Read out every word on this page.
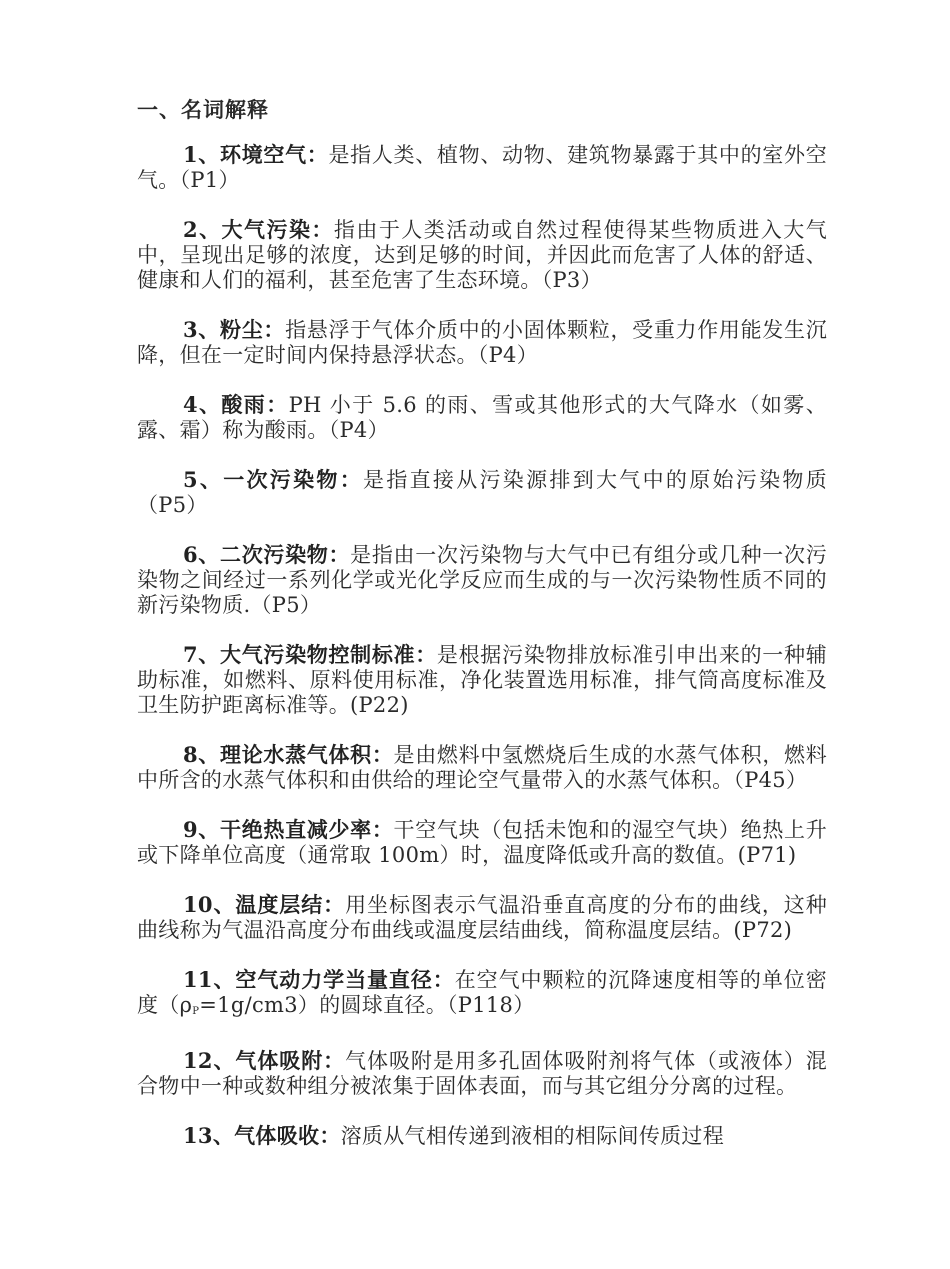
一、名词解释

1、环境空气：是指人类、植物、动物、建筑物暴露于其中的室外空气。（P1）

2、大气污染：指由于人类活动或自然过程使得某些物质进入大气中，呈现出足够的浓度，达到足够的时间，并因此而危害了人体的舒适、健康和人们的福利，甚至危害了生态环境。（P3）

3、粉尘：指悬浮于气体介质中的小固体颗粒，受重力作用能发生沉降，但在一定时间内保持悬浮状态。（P4）

4、酸雨：PH 小于 5.6 的雨、雪或其他形式的大气降水（如雾、露、霜）称为酸雨。（P4）

5、一次污染物：是指直接从污染源排到大气中的原始污染物质（P5）

6、二次污染物：是指由一次污染物与大气中已有组分或几种一次污染物之间经过一系列化学或光化学反应而生成的与一次污染物性质不同的新污染物质.（P5）

7、大气污染物控制标准：是根据污染物排放标准引申出来的一种辅助标准，如燃料、原料使用标准，净化装置选用标准，排气筒高度标准及卫生防护距离标准等。(P22)

8、理论水蒸气体积：是由燃料中氢燃烧后生成的水蒸气体积，燃料中所含的水蒸气体积和由供给的理论空气量带入的水蒸气体积。（P45）

9、干绝热直减少率：干空气块（包括未饱和的湿空气块）绝热上升或下降单位高度（通常取 100m）时，温度降低或升高的数值。(P71)

10、温度层结：用坐标图表示气温沿垂直高度的分布的曲线，这种曲线称为气温沿高度分布曲线或温度层结曲线，简称温度层结。(P72)

11、空气动力学当量直径：在空气中颗粒的沉降速度相等的单位密度$(\rho_P=1g/cm3)$的圆球直径。（P118）

12、气体吸附：气体吸附是用多孔固体吸附剂将气体（或液体）混合物中一种或数种组分被浓集于固体表面，而与其它组分分离的过程。

13、气体吸收：溶质从气相传递到液相的相际间传质过程
